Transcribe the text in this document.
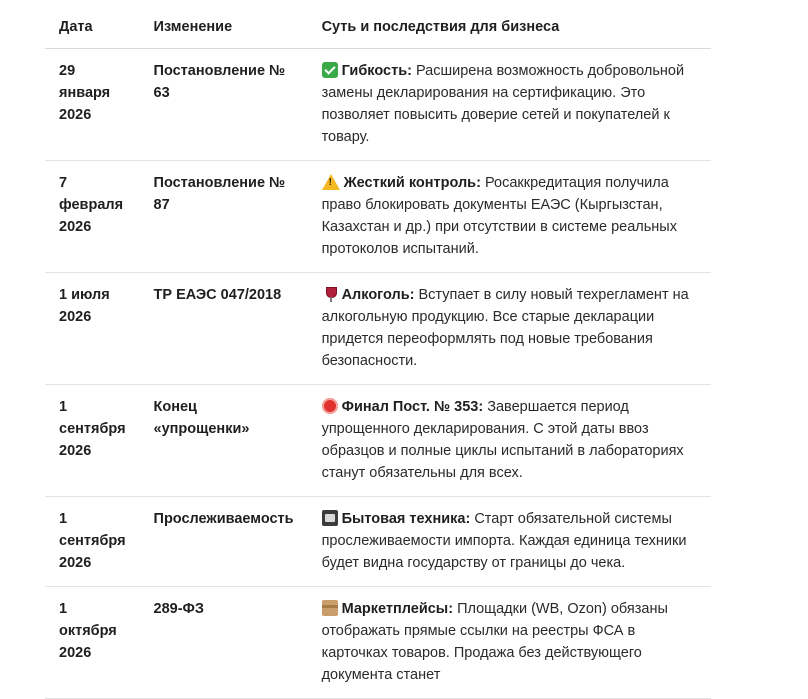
Дата	Изменение	Суть и последствия для бизнеса
29 января 2026	Постановление № 63	Гибкость: Расширена возможность добровольной замены декларирования на сертификацию. Это позволяет повысить доверие сетей и покупателей к товару.
7 февраля 2026	Постановление № 87	!Жесткий контроль: Росаккредитация получила право блокировать документы ЕАЭС (Кыргызстан, Казахстан и др.) при отсутствии в системе реальных протоколов испытаний.
1 июля 2026	ТР ЕАЭС 047/2018	Алкоголь: Вступает в силу новый техрегламент на алкогольную продукцию. Все старые декларации придется переоформлять под новые требования безопасности.
1 сентября 2026	Конец «упрощенки»	Финал Пост. № 353: Завершается период упрощенного декларирования. С этой даты ввоз образцов и полные циклы испытаний в лабораториях станут обязательны для всех.
1 сентября 2026	Прослеживаемость	Бытовая техника: Старт обязательной системы прослеживаемости импорта. Каждая единица техники будет видна государству от границы до чека.
1 октября 2026	289-ФЗ	Маркетплейсы: Площадки (WB, Ozon) обязаны отображать прямые ссылки на реестры ФСА в карточках товаров. Продажа без действующего документа станет
